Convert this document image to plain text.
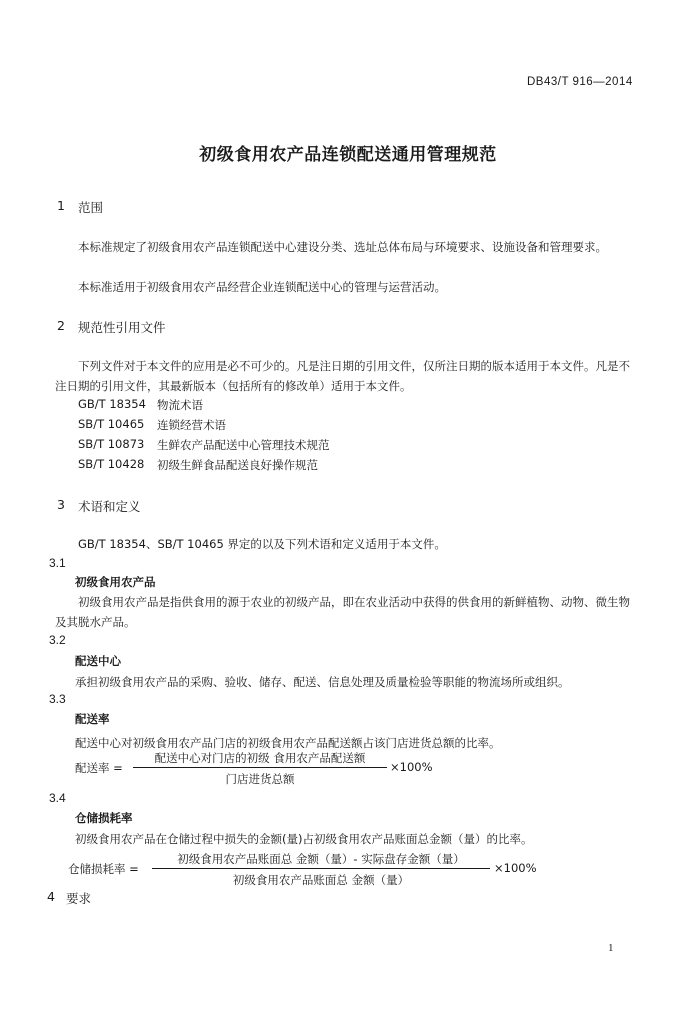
DB43/T 916—2014
初级食用农产品连锁配送通用管理规范
1 范围
本标准规定了初级食用农产品连锁配送中心建设分类、选址总体布局与环境要求、设施设备和管理要求。
本标准适用于初级食用农产品经营企业连锁配送中心的管理与运营活动。
2 规范性引用文件
下列文件对于本文件的应用是必不可少的。凡是注日期的引用文件，仅所注日期的版本适用于本文件。凡是不注日期的引用文件，其最新版本（包括所有的修改单）适用于本文件。
GB/T 18354 物流术语
SB/T 10465 连锁经营术语
SB/T 10873 生鲜农产品配送中心管理技术规范
SB/T 10428 初级生鲜食品配送良好操作规范
3 术语和定义
GB/T 18354、SB/T 10465 界定的以及下列术语和定义适用于本文件。
3.1
初级食用农产品
初级食用农产品是指供食用的源于农业的初级产品，即在农业活动中获得的供食用的新鲜植物、动物、微生物及其脱水产品。
3.2
配送中心
承担初级食用农产品的采购、验收、储存、配送、信息处理及质量检验等职能的物流场所或组织。
3.3
配送率
配送中心对初级食用农产品门店的初级食用农产品配送额占该门店进货总额的比率。
配送率 =
配送中心对门店的初级 食用农产品配送额
门店进货总额
×100%
3.4
仓储损耗率
初级食用农产品在仓储过程中损失的金额(量)占初级食用农产品账面总金额（量）的比率。
仓储损耗率 =
初级食用农产品账面总 金额（量）- 实际盘存金额（量）
初级食用农产品账面总 金额（量）
×100%
4 要求
1
